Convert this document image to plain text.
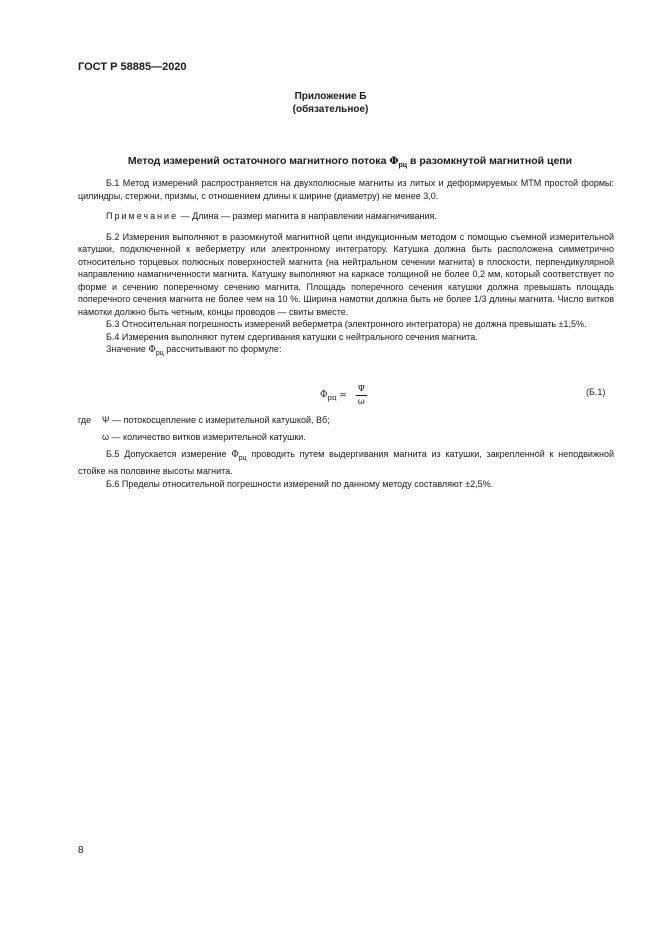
ГОСТ Р 58885—2020
Приложение Б
(обязательное)
Метод измерений остаточного магнитного потока $\Phi_{рц}$ в разомкнутой магнитной цепи

Б.1 Метод измерений распространяется на двухполюсные магниты из литых и деформируемых МТМ простой формы: цилиндры, стержни, призмы, с отношением длины к ширине (диаметру) не менее 3,0.

Примечание — Длина — размер магнита в направлении намагничивания.

Б.2 Измерения выполняют в разомкнутой магнитной цепи индукционным методом с помощью съемной измерительной катушки, подключенной к веберметру или электронному интегратору. Катушка должна быть расположена симметрично относительно торцевых полюсных поверхностей магнита (на нейтральном сечении магнита) в плоскости, перпендикулярной направлению намагниченности магнита. Катушку выполняют на каркасе толщиной не более 0,2 мм, который соответствует по форме и сечению поперечному сечению магнита. Площадь поперечного сечения катушки должна превышать площадь поперечного сечения магнита не более чем на 10 %. Ширина намотки должна быть не более 1/3 длины магнита. Число витков намотки должно быть четным, концы проводов — свиты вместе.

Б.3 Относительная погрешность измерений веберметра (электронного интегратора) не должна превышать ±1,5%.

Б.4 Измерения выполняют путем сдергивания катушки с нейтрального сечения магнита.

Значение $\Phi_{рц}$ рассчитывают по формуле:

$\Phi_{рц} = \frac{\Psi}{\omega}$	(Б.1)
где	Ψ — потокосцепление с измерительной катушкой, Вб;
ω — количество витков измерительной катушки.

Б.5 Допускается измерение $\Phi_{рц}$ проводить путем выдергивания магнита из катушки, закрепленной к неподвижной стойке на половине высоты магнита.

Б.6 Пределы относительной погрешности измерений по данному методу составляют ±2,5%.

8
